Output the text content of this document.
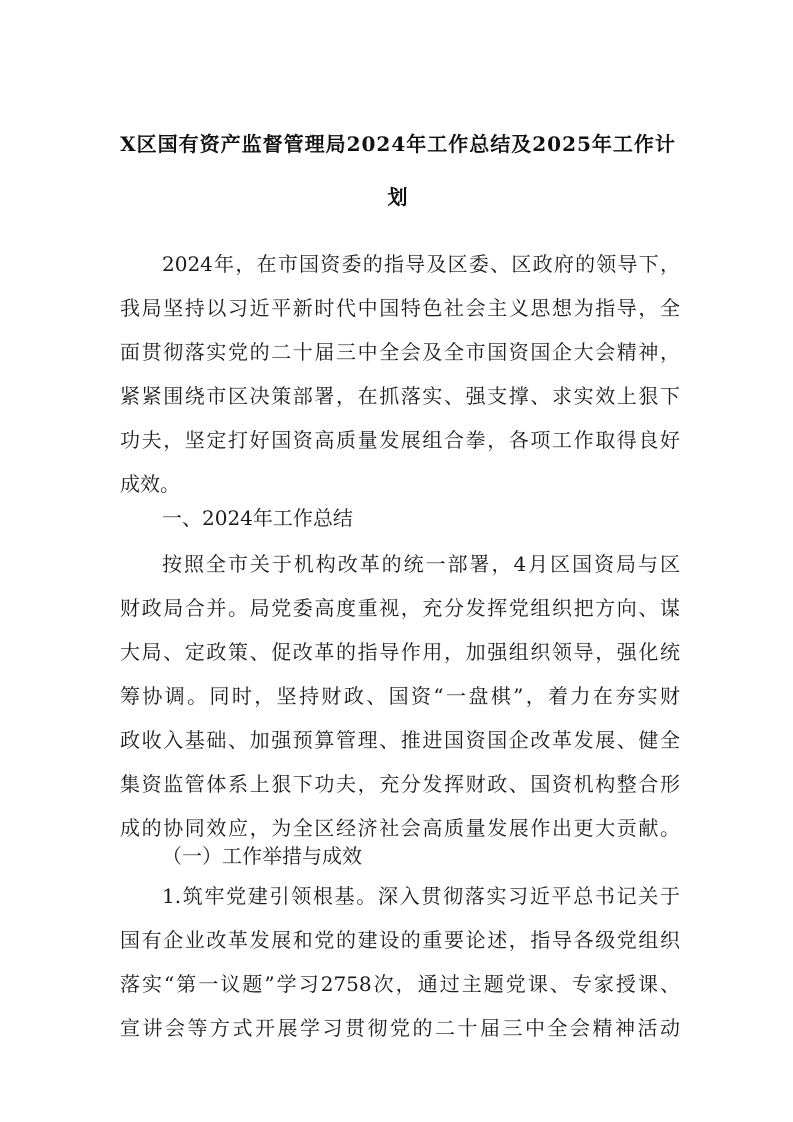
X区国有资产监督管理局2024年工作总结及2025年工作计
划

2024年，在市国资委的指导及区委、区政府的领导下，

我局坚持以习近平新时代中国特色社会主义思想为指导，全

面贯彻落实党的二十届三中全会及全市国资国企大会精神，

紧紧围绕市区决策部署，在抓落实、强支撑、求实效上狠下

功夫，坚定打好国资高质量发展组合拳，各项工作取得良好

成效。

一、2024年工作总结

按照全市关于机构改革的统一部署，4月区国资局与区

财政局合并。局党委高度重视，充分发挥党组织把方向、谋

大局、定政策、促改革的指导作用，加强组织领导，强化统

筹协调。同时，坚持财政、国资“一盘棋”，着力在夯实财

政收入基础、加强预算管理、推进国资国企改革发展、健全

集资监管体系上狠下功夫，充分发挥财政、国资机构整合形

成的协同效应，为全区经济社会高质量发展作出更大贡献。

（一）工作举措与成效

1.筑牢党建引领根基。深入贯彻落实习近平总书记关于

国有企业改革发展和党的建设的重要论述，指导各级党组织

落实“第一议题”学习2758次，通过主题党课、专家授课、

宣讲会等方式开展学习贯彻党的二十届三中全会精神活动
